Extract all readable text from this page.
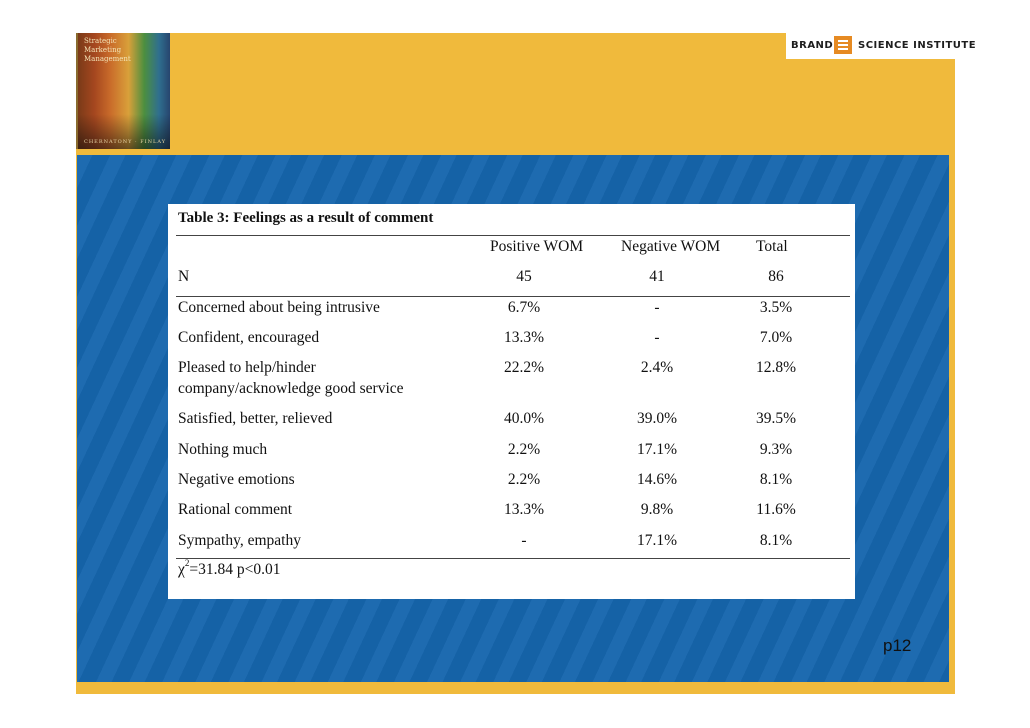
Strategic
Marketing
Management
CHERNATONY · FINLAY
BRAND SCIENCE INSTITUTE
Table 3: Feelings as a result of comment
Positive WOM Negative WOM Total
N	45	41	86
Concerned about being intrusive	6.7%	-	3.5%
Confident, encouraged	13.3%	-	7.0%
Pleased to help/hinder
company/acknowledge good service
22.2%	2.4%	12.8%
Satisfied, better, relieved	40.0%	39.0%	39.5%
Nothing much	2.2%	17.1%	9.3%
Negative emotions	2.2%	14.6%	8.1%
Rational comment	13.3%	9.8%	11.6%
Sympathy, empathy	-	17.1%	8.1%
$\chi^2=31.84$ p<0.01
p12
